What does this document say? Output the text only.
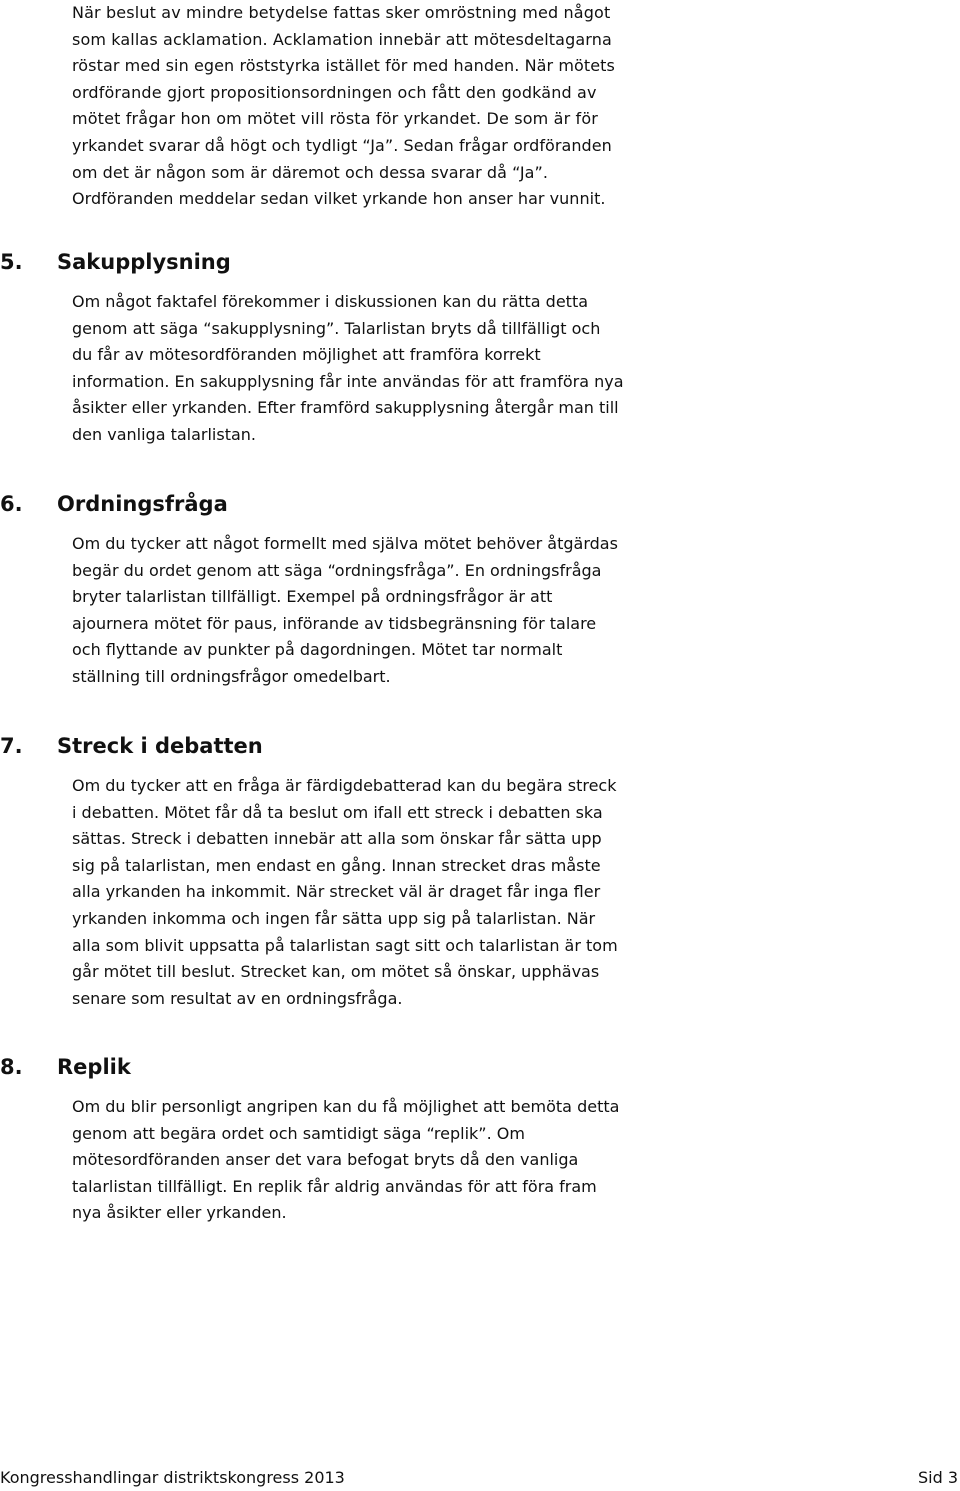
När beslut av mindre betydelse fattas sker omröstning med något
som kallas acklamation. Acklamation innebär att mötesdeltagarna
röstar med sin egen röststyrka istället för med handen. När mötets
ordförande gjort propositionsordningen och fått den godkänd av
mötet frågar hon om mötet vill rösta för yrkandet. De som är för
yrkandet svarar då högt och tydligt “Ja”. Sedan frågar ordföranden
om det är någon som är däremot och dessa svarar då “Ja”.
Ordföranden meddelar sedan vilket yrkande hon anser har vunnit.
5. Sakupplysning
Om något faktafel förekommer i diskussionen kan du rätta detta
genom att säga “sakupplysning”. Talarlistan bryts då tillfälligt och
du får av mötesordföranden möjlighet att framföra korrekt
information. En sakupplysning får inte användas för att framföra nya
åsikter eller yrkanden. Efter framförd sakupplysning återgår man till
den vanliga talarlistan.
6. Ordningsfråga
Om du tycker att något formellt med själva mötet behöver åtgärdas
begär du ordet genom att säga “ordningsfråga”. En ordningsfråga
bryter talarlistan tillfälligt. Exempel på ordningsfrågor är att
ajournera mötet för paus, införande av tidsbegränsning för talare
och flyttande av punkter på dagordningen. Mötet tar normalt
ställning till ordningsfrågor omedelbart.
7. Streck i debatten
Om du tycker att en fråga är färdigdebatterad kan du begära streck
i debatten. Mötet får då ta beslut om ifall ett streck i debatten ska
sättas. Streck i debatten innebär att alla som önskar får sätta upp
sig på talarlistan, men endast en gång. Innan strecket dras måste
alla yrkanden ha inkommit. När strecket väl är draget får inga fler
yrkanden inkomma och ingen får sätta upp sig på talarlistan. När
alla som blivit uppsatta på talarlistan sagt sitt och talarlistan är tom
går mötet till beslut. Strecket kan, om mötet så önskar, upphävas
senare som resultat av en ordningsfråga.
8. Replik
Om du blir personligt angripen kan du få möjlighet att bemöta detta
genom att begära ordet och samtidigt säga “replik”. Om
mötesordföranden anser det vara befogat bryts då den vanliga
talarlistan tillfälligt. En replik får aldrig användas för att föra fram
nya åsikter eller yrkanden.
Kongresshandlingar distriktskongress 2013	Sid 3
